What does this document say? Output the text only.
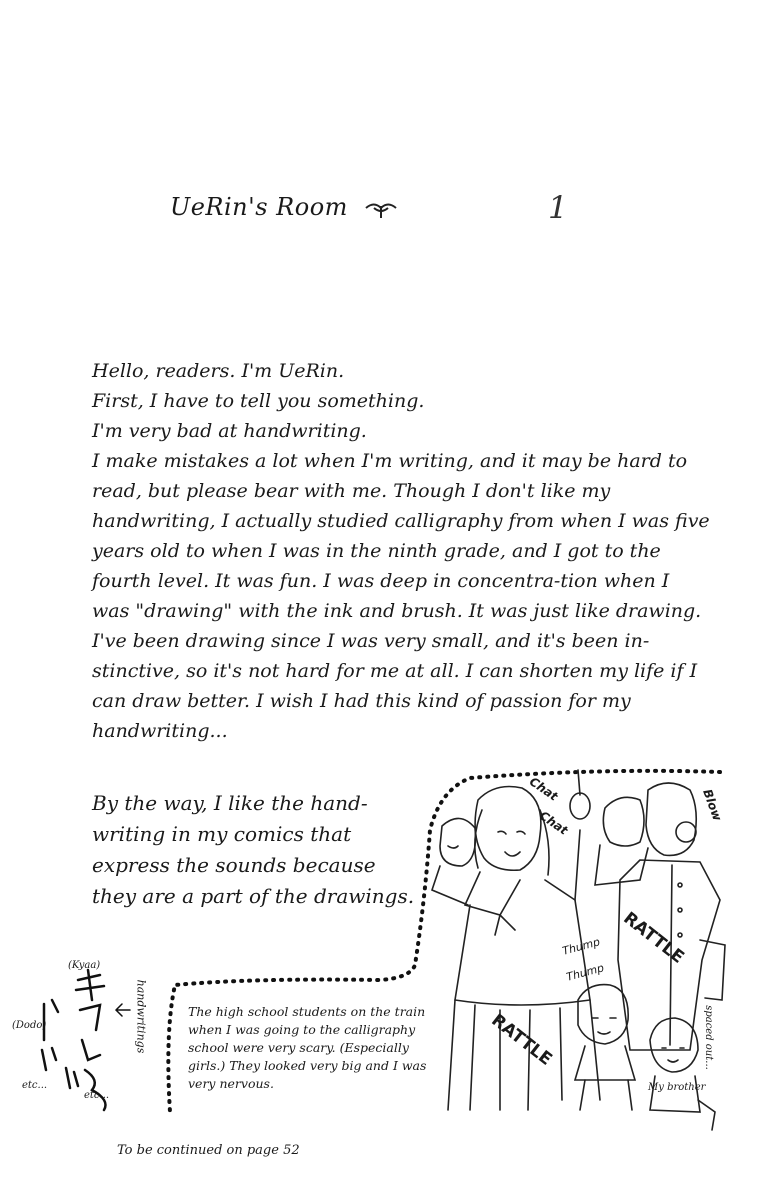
UeRin's Room	1

Hello, readers. I'm UeRin.

First, I have to tell you something.

I'm very bad at handwriting.

I make mistakes a lot when I'm writing, and it may be hard to read, but please bear with me. Though I don't like my handwriting, I actually studied calligraphy from when I was five years old to when I was in the ninth grade, and I got to the fourth level. It was fun. I was deep in concentra-tion when I was "drawing" with the ink and brush. It was just like drawing.

I've been drawing since I was very small, and it's been in-stinctive, so it's not hard for me at all. I can shorten my life if I can draw better. I wish I had this kind of passion for my handwriting...

By the way, I like the hand-writing in my comics that express the sounds because they are a part of the drawings.
Chat
Chat
Blow
RATTLE
RATTLE
Thump
Thump
spaced out...
My brother
The high school students on the train when I was going to the calligraphy school were very scary. (Especially girls.) They looked very big and I was very nervous.
(Kyaa)
(Dodo)	handwritings
etc...
etc...
To be continued on page 52
